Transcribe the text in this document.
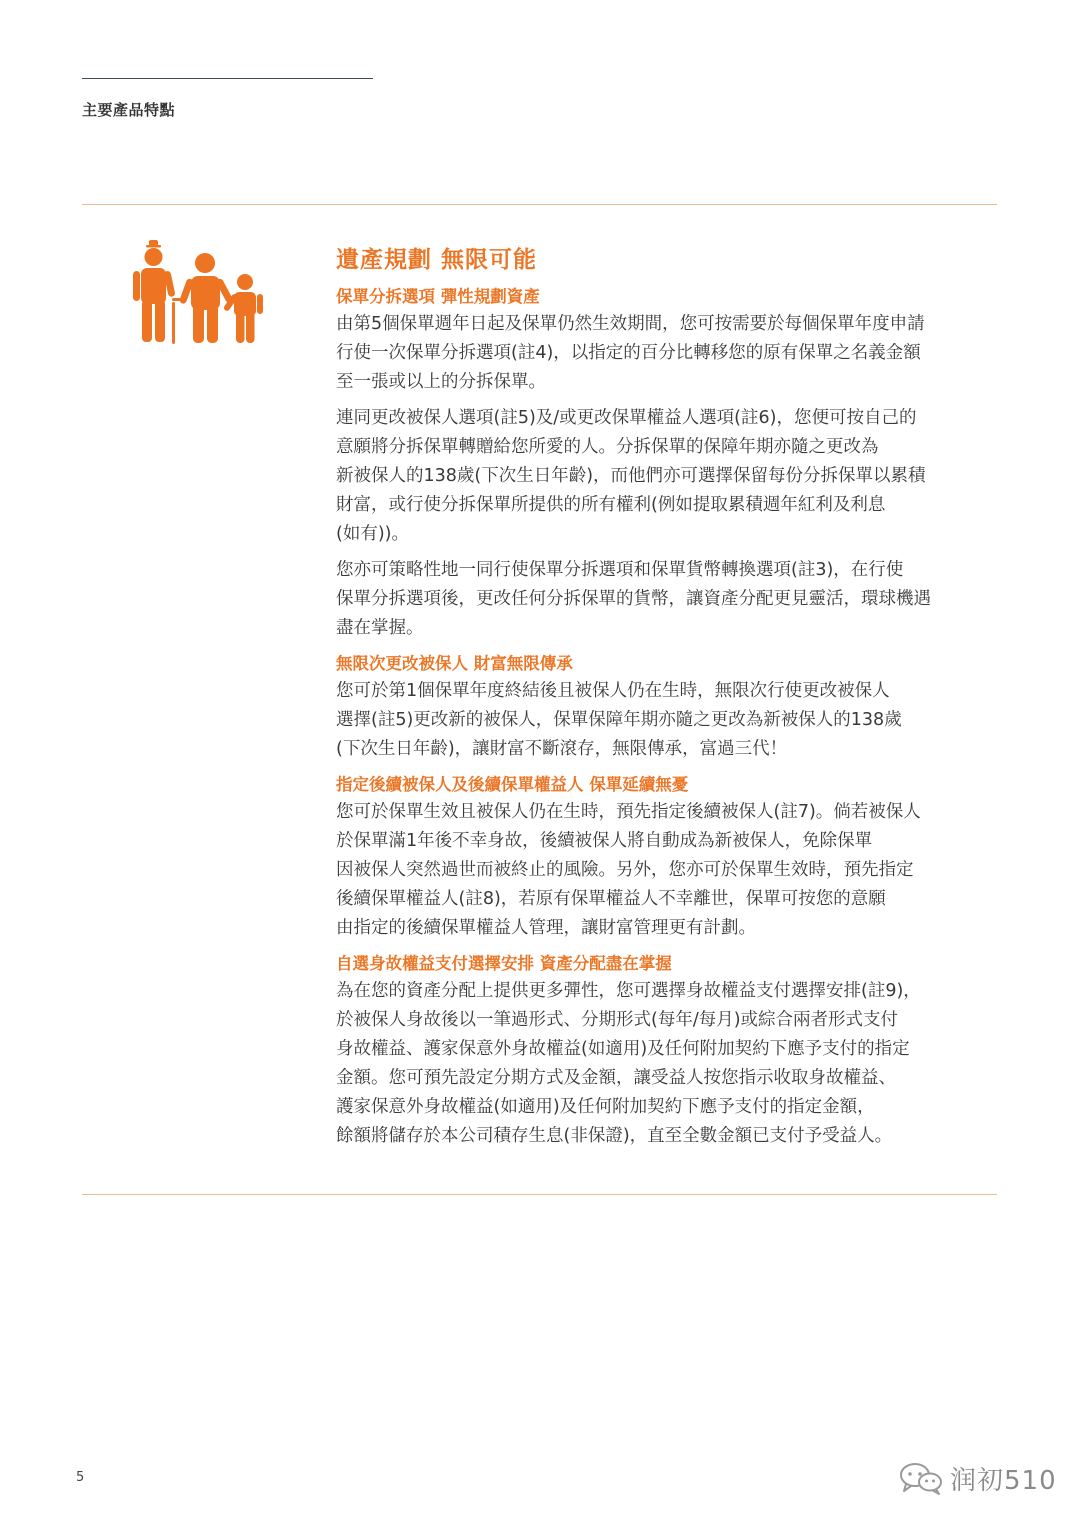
主要產品特點
遺產規劃 無限可能
保單分拆選項 彈性規劃資產

由第5個保單週年日起及保單仍然生效期間，您可按需要於每個保單年度申請
行使一次保單分拆選項(註4)，以指定的百分比轉移您的原有保單之名義金額
至一張或以上的分拆保單。

連同更改被保人選項(註5)及/或更改保單權益人選項(註6)，您便可按自己的
意願將分拆保單轉贈給您所愛的人。分拆保單的保障年期亦隨之更改為
新被保人的138歲(下次生日年齡)，而他們亦可選擇保留每份分拆保單以累積
財富，或行使分拆保單所提供的所有權利(例如提取累積週年紅利及利息
(如有))。

您亦可策略性地一同行使保單分拆選項和保單貨幣轉換選項(註3)，在行使
保單分拆選項後，更改任何分拆保單的貨幣，讓資產分配更見靈活，環球機遇
盡在掌握。

無限次更改被保人 財富無限傳承

您可於第1個保單年度終結後且被保人仍在生時，無限次行使更改被保人
選擇(註5)更改新的被保人，保單保障年期亦隨之更改為新被保人的138歲
(下次生日年齡)，讓財富不斷滾存，無限傳承，富過三代！

指定後續被保人及後續保單權益人 保單延續無憂

您可於保單生效且被保人仍在生時，預先指定後續被保人(註7)。倘若被保人
於保單滿1年後不幸身故，後續被保人將自動成為新被保人，免除保單
因被保人突然過世而被終止的風險。另外，您亦可於保單生效時，預先指定
後續保單權益人(註8)，若原有保單權益人不幸離世，保單可按您的意願
由指定的後續保單權益人管理，讓財富管理更有計劃。

自選身故權益支付選擇安排 資產分配盡在掌握

為在您的資產分配上提供更多彈性，您可選擇身故權益支付選擇安排(註9)，
於被保人身故後以一筆過形式、分期形式(每年/每月)或綜合兩者形式支付
身故權益、護家保意外身故權益(如適用)及任何附加契約下應予支付的指定
金額。您可預先設定分期方式及金額，讓受益人按您指示收取身故權益、
護家保意外身故權益(如適用)及任何附加契約下應予支付的指定金額，
餘額將儲存於本公司積存生息(非保證)，直至全數金額已支付予受益人。

5	润初510
